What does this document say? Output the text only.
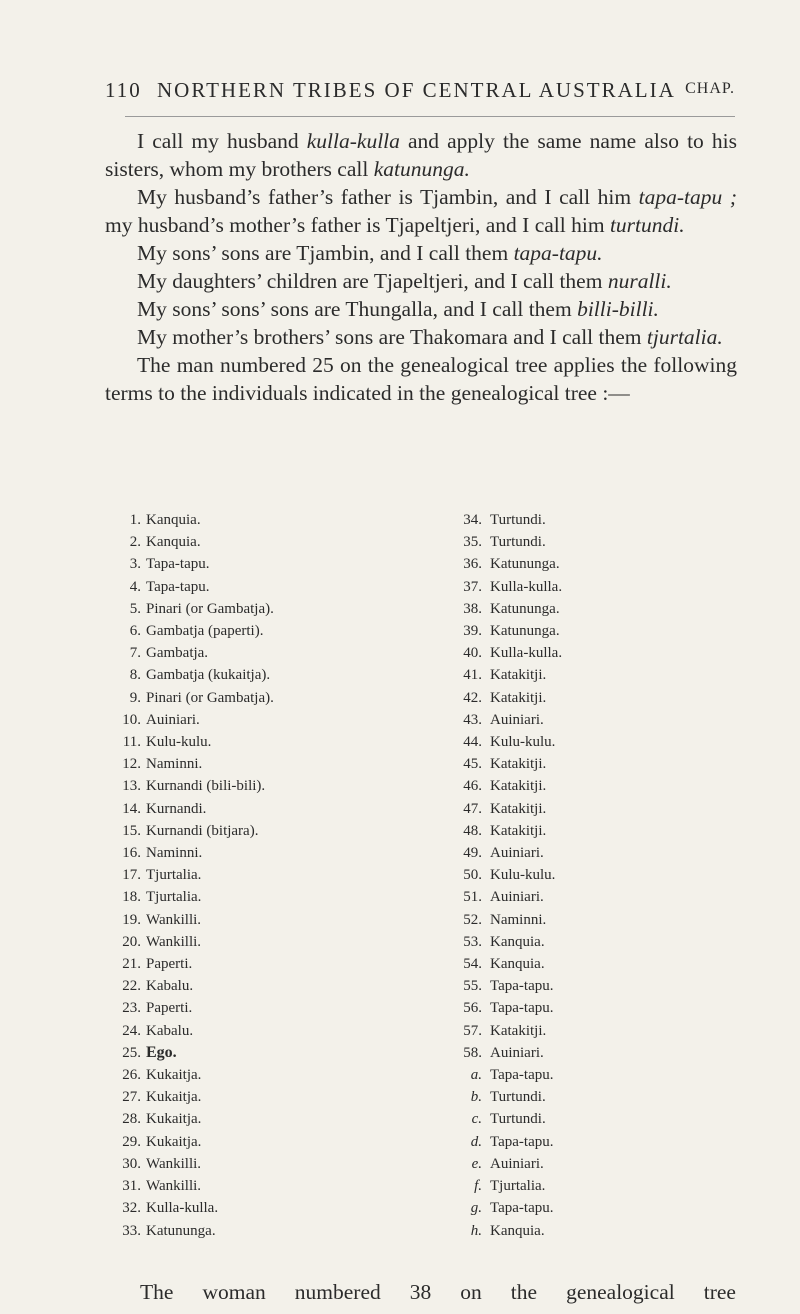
110 NORTHERN TRIBES OF CENTRAL AUSTRALIA CHAP.

I call my husband kulla-kulla and apply the same name also to his sisters, whom my brothers call katununga.

My husband’s father’s father is Tjambin, and I call him tapa-tapu ; my husband’s mother’s father is Tjapeltjeri, and I call him turtundi.

My sons’ sons are Tjambin, and I call them tapa-tapu.

My daughters’ children are Tjapeltjeri, and I call them nuralli.

My sons’ sons’ sons are Thungalla, and I call them billi-billi.

My mother’s brothers’ sons are Thakomara and I call them tjurtalia.

The man numbered 25 on the genealogical tree applies the following terms to the individuals indicated in the genealogical tree :—

1. Kanquia.
2. Kanquia.
3. Tapa-tapu.
4. Tapa-tapu.
5. Pinari (or Gambatja).
6. Gambatja (paperti).
7. Gambatja.
8. Gambatja (kukaitja).
9. Pinari (or Gambatja).
10. Auiniari.
11. Kulu-kulu.
12. Naminni.
13. Kurnandi (bili-bili).
14. Kurnandi.
15. Kurnandi (bitjara).
16. Naminni.
17. Tjurtalia.
18. Tjurtalia.
19. Wankilli.
20. Wankilli.
21. Paperti.
22. Kabalu.
23. Paperti.
24. Kabalu.
25. Ego.
26. Kukaitja.
27. Kukaitja.
28. Kukaitja.
29. Kukaitja.
30. Wankilli.
31. Wankilli.
32. Kulla-kulla.
33. Katununga.
34. Turtundi.
35. Turtundi.
36. Katununga.
37. Kulla-kulla.
38. Katununga.
39. Katununga.
40. Kulla-kulla.
41. Katakitji.
42. Katakitji.
43. Auiniari.
44. Kulu-kulu.
45. Katakitji.
46. Katakitji.
47. Katakitji.
48. Katakitji.
49. Auiniari.
50. Kulu-kulu.
51. Auiniari.
52. Naminni.
53. Kanquia.
54. Kanquia.
55. Tapa-tapu.
56. Tapa-tapu.
57. Katakitji.
58. Auiniari.
a. Tapa-tapu.
b. Turtundi.
c. Turtundi.
d. Tapa-tapu.
e. Auiniari.
f. Tjurtalia.
g. Tapa-tapu.
h. Kanquia.
The woman numbered 38 on the genealogical tree
